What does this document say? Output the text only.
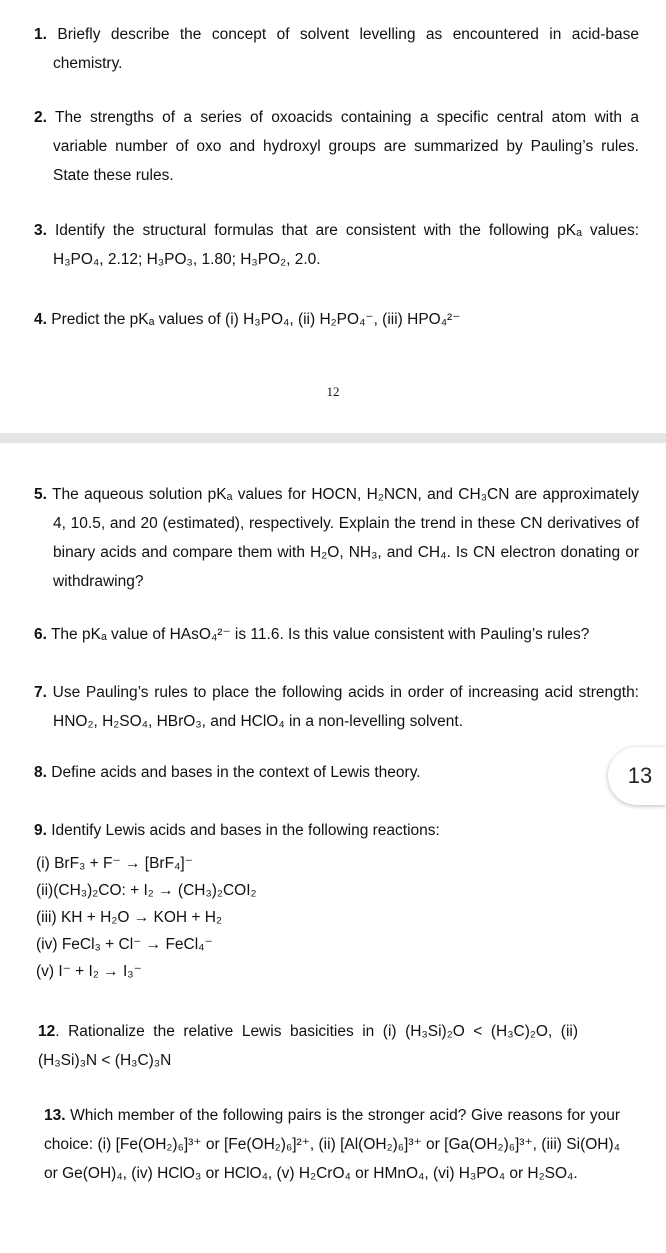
1. Briefly describe the concept of solvent levelling as encountered in acid-base chemistry.
2. The strengths of a series of oxoacids containing a specific central atom with a variable number of oxo and hydroxyl groups are summarized by Pauling’s rules. State these rules.
3. Identify the structural formulas that are consistent with the following pKₐ values: H₃PO₄, 2.12; H₃PO₃, 1.80; H₃PO₂, 2.0.
4. Predict the pKₐ values of (i) H₃PO₄, (ii) H₂PO₄⁻, (iii) HPO₄²⁻
12
5. The aqueous solution pKₐ values for HOCN, H₂NCN, and CH₃CN are approximately 4, 10.5, and 20 (estimated), respectively. Explain the trend in these CN derivatives of binary acids and compare them with H₂O, NH₃, and CH₄. Is CN electron donating or withdrawing?
6. The pKₐ value of HAsO₄²⁻ is 11.6. Is this value consistent with Pauling’s rules?
7. Use Pauling’s rules to place the following acids in order of increasing acid strength: HNO₂, H₂SO₄, HBrO₃, and HClO₄ in a non-levelling solvent.
8. Define acids and bases in the context of Lewis theory.
9. Identify Lewis acids and bases in the following reactions:
(i) BrF₃ + F⁻ → [BrF₄]⁻
(ii)(CH₃)₂CO: + I₂ → (CH₃)₂COI₂
(iii) KH + H₂O → KOH + H₂
(iv) FeCl₃ + Cl⁻ → FeCl₄⁻
(v) I⁻ + I₂ → I₃⁻
12. Rationalize the relative Lewis basicities in (i) (H₃Si)₂O < (H₃C)₂O, (ii) (H₃Si)₃N < (H₃C)₃N
13. Which member of the following pairs is the stronger acid? Give reasons for your choice: (i) [Fe(OH₂)₆]³⁺ or [Fe(OH₂)₆]²⁺, (ii) [Al(OH₂)₆]³⁺ or [Ga(OH₂)₆]³⁺, (iii) Si(OH)₄ or Ge(OH)₄, (iv) HClO₃ or HClO₄, (v) H₂CrO₄ or HMnO₄, (vi) H₃PO₄ or H₂SO₄.
13
